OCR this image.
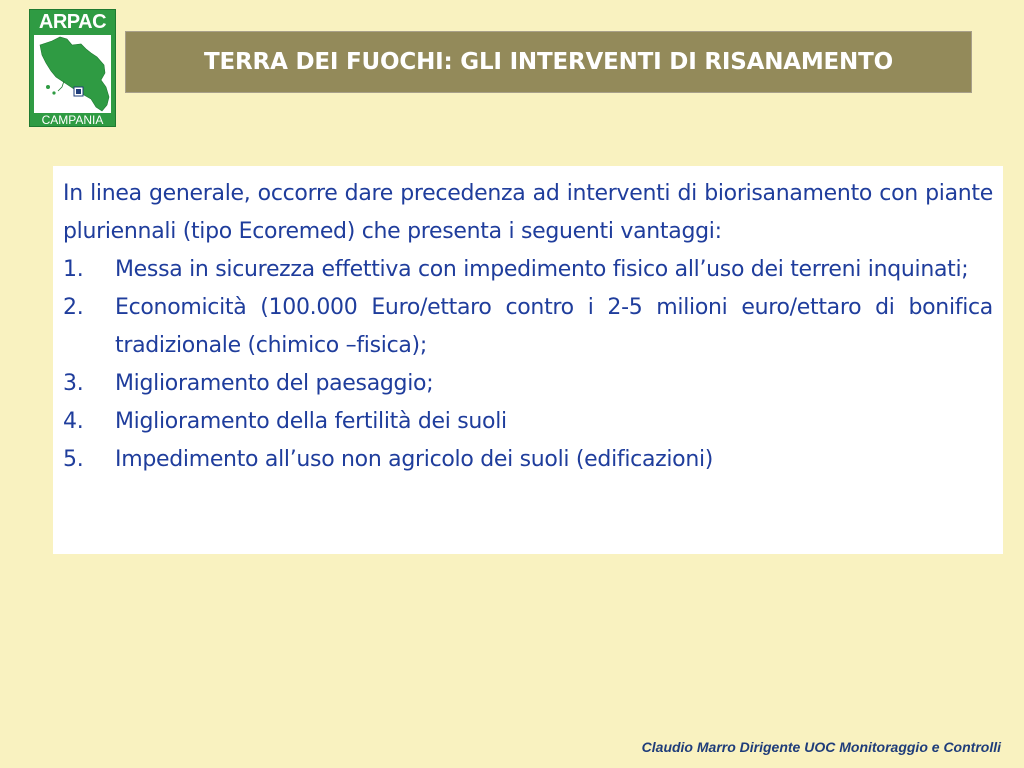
ARPAC
Agenzia Regionale Protezione Ambientale
CAMPANIA
TERRA DEI FUOCHI: GLI INTERVENTI DI RISANAMENTO

In linea generale, occorre dare precedenza ad interventi di biorisanamento con piante pluriennali (tipo Ecoremed) che presenta i seguenti vantaggi:

1. Messa in sicurezza effettiva con impedimento fisico all’uso dei terreni inquinati;
2. Economicità (100.000 Euro/ettaro contro i 2-5 milioni euro/ettaro di bonifica tradizionale (chimico –fisica);
3. Miglioramento del paesaggio;
4. Miglioramento della fertilità dei suoli
5. Impedimento all’uso non agricolo dei suoli (edificazioni)
Claudio Marro Dirigente UOC Monitoraggio e Controlli
